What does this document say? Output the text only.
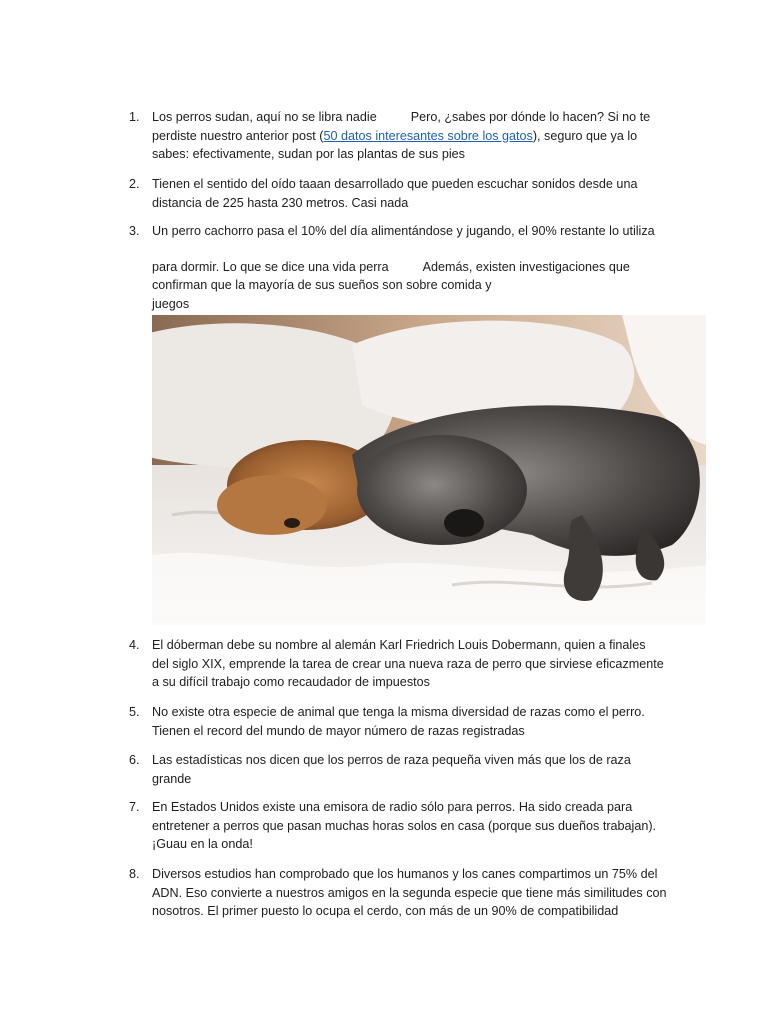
1. Los perros sudan, aquí no se libra nadie	Pero, ¿sabes por dónde lo hacen? Si no te
perdiste nuestro anterior post (50 datos interesantes sobre los gatos), seguro que ya lo
sabes: efectivamente, sudan por las plantas de sus pies
2. Tienen el sentido del oído taaan desarrollado que pueden escuchar sonidos desde una
distancia de 225 hasta 230 metros. Casi nada
3. Un perro cachorro pasa el 10% del día alimentándose y jugando, el 90% restante lo utiliza
para dormir. Lo que se dice una vida perra	Además, existen investigaciones que
confirman que la mayoría de sus sueños son sobre comida y
juegos
4. El dóberman debe su nombre al alemán Karl Friedrich Louis Dobermann, quien a finales
del siglo XIX, emprende la tarea de crear una nueva raza de perro que sirviese eficazmente
a su difícil trabajo como recaudador de impuestos
5. No existe otra especie de animal que tenga la misma diversidad de razas como el perro.
Tienen el record del mundo de mayor número de razas registradas
6. Las estadísticas nos dicen que los perros de raza pequeña viven más que los de raza
grande
7. En Estados Unidos existe una emisora de radio sólo para perros. Ha sido creada para
entretener a perros que pasan muchas horas solos en casa (porque sus dueños trabajan).
¡Guau en la onda!
8. Diversos estudios han comprobado que los humanos y los canes compartimos un 75% del
ADN. Eso convierte a nuestros amigos en la segunda especie que tiene más similitudes con
nosotros. El primer puesto lo ocupa el cerdo, con más de un 90% de compatibilidad
